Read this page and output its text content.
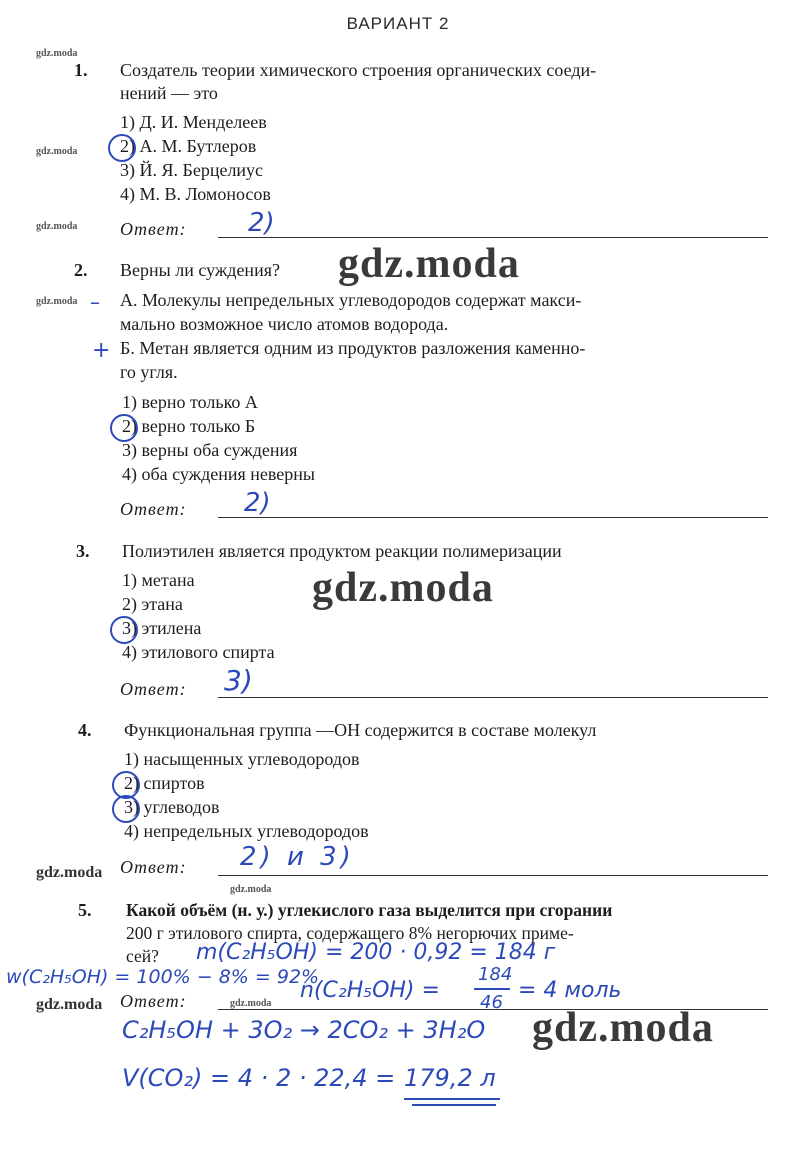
ВАРИАНТ 2
gdz.moda
1. Создатель теории химического строения органических соеди-
нений — это
1) Д. И. Менделеев
2) А. М. Бутлеров
3) Й. Я. Берцелиус
4) М. В. Ломоносов
gdz.moda
gdz.moda Ответ: 2)
2. Верны ли суждения? gdz.moda
gdz.moda – А. Молекулы непредельных углеводородов содержат макси-
мально возможное число атомов водорода.
+ Б. Метан является одним из продуктов разложения каменно-
го угля.
1) верно только А
2) верно только Б
3) верны оба суждения
4) оба суждения неверны
Ответ: 2)
3. Полиэтилен является продуктом реакции полимеризации
1) метана
2) этана
3) этилена
4) этилового спирта
gdz.moda
Ответ: 3)
4. Функциональная группа —ОН содержится в составе молекул
1) насыщенных углеводородов
2) спиртов
3) углеводов
4) непредельных углеводородов
gdz.moda Ответ: 2) и 3)
gdz.moda
5. Какой объём (н. у.) углекислого газа выделится при сгорании
200 г этилового спирта, содержащего 8% негорючих приме-
сей? m(C₂H₅OH) = 200 · 0,92 = 184 г
w(C₂H₅OH) = 100% − 8% = 92%
gdz.moda Ответ:	gdz.moda
n(C₂H₅OH) =
184
46 = 4 моль
gdz.moda
C₂H₅OH + 3O₂ → 2CO₂ + 3H₂O
V(CO₂) = 4 · 2 · 22,4 = 179,2 л
